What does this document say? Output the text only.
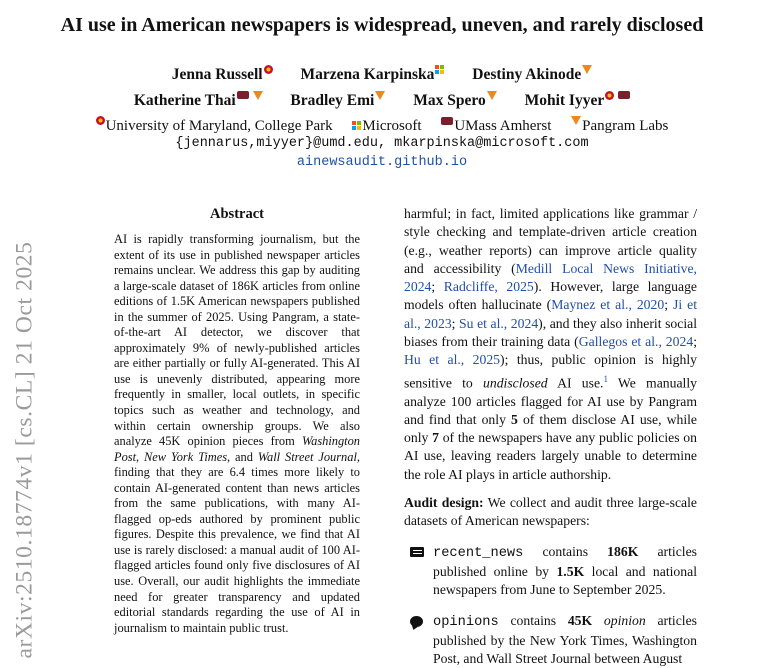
arXiv:2510.18774v1 [cs.CL] 21 Oct 2025
AI use in American newspapers is widespread, uneven, and rarely disclosed
Jenna Russell Marzena Karpinska Destiny Akinode
Katherine Thai	Bradley Emi	Max Spero	Mohit Iyyer
University of Maryland, College Park Microsoft UMass Amherst Pangram Labs
{jennarus,miyyer}@umd.edu, mkarpinska@microsoft.com
ainewsaudit.github.io
Abstract
AI is rapidly transforming journalism, but the extent of its use in published newspaper articles remains unclear. We address this gap by auditing a large-scale dataset of 186K articles from online editions of 1.5K American newspapers published in the summer of 2025. Using Pangram, a state-of-the-art AI detector, we discover that approximately 9% of newly-published articles are either partially or fully AI-generated. This AI use is unevenly distributed, appearing more frequently in smaller, local outlets, in specific topics such as weather and technology, and within certain ownership groups. We also analyze 45K opinion pieces from Washington Post, New York Times, and Wall Street Journal, finding that they are 6.4 times more likely to contain AI-generated content than news articles from the same publications, with many AI-flagged op-eds authored by prominent public figures. Despite this prevalence, we find that AI use is rarely disclosed: a manual audit of 100 AI-flagged articles found only five disclosures of AI use. Overall, our audit highlights the immediate need for greater transparency and updated editorial standards regarding the use of AI in journalism to maintain public trust.

harmful; in fact, limited applications like grammar / style checking and template-driven article creation (e.g., weather reports) can improve article quality and accessibility (Medill Local News Initiative, 2024; Radcliffe, 2025). However, large language models often hallucinate (Maynez et al., 2020; Ji et al., 2023; Su et al., 2024), and they also inherit social biases from their training data (Gallegos et al., 2024; Hu et al., 2025); thus, public opinion is highly sensitive to undisclosed AI use.$^1$ We manually analyze 100 articles flagged for AI use by Pangram and find that only 5 of them disclose AI use, while only 7 of the newspapers have any public policies on AI use, leaving readers largely unable to determine the role AI plays in article authorship.

Audit design: We collect and audit three large-scale datasets of American newspapers:

recent_news contains 186K articles published online by 1.5K local and national newspapers from June to September 2025.

opinions contains 45K opinion articles published by the New York Times, Washington Post, and Wall Street Journal between August
